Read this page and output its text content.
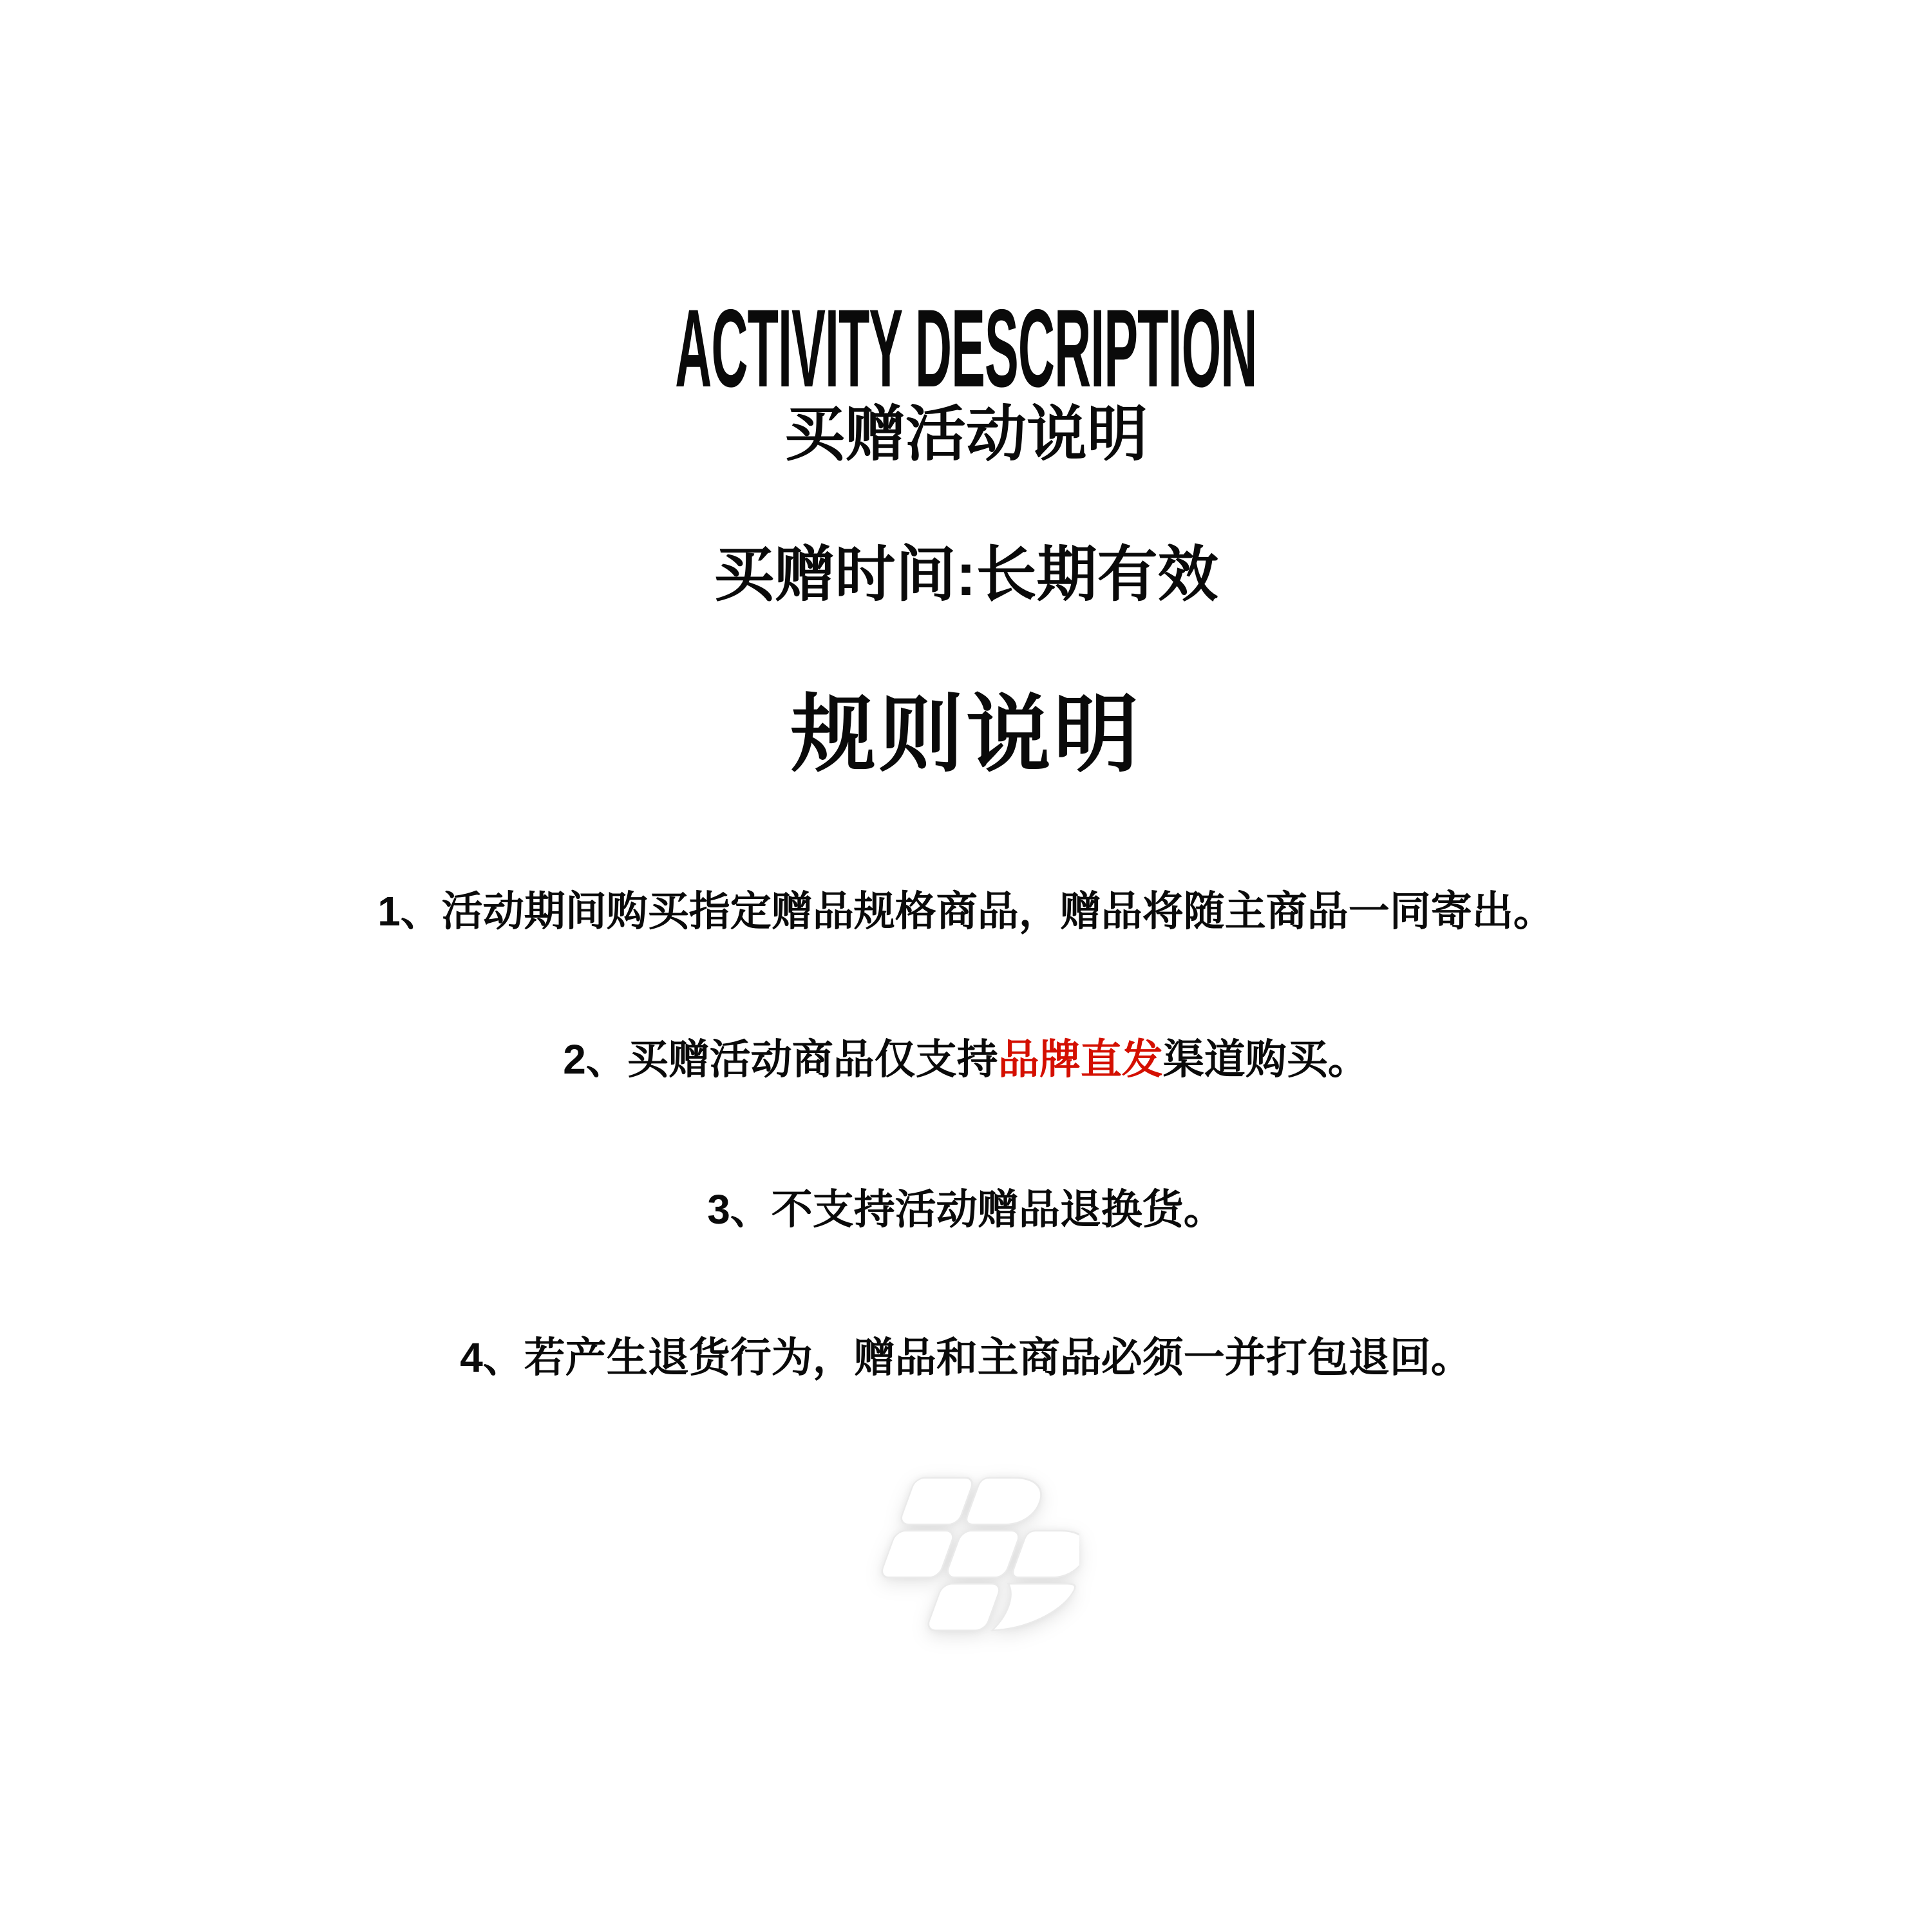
ACTIVITY DESCRIPTION
买赠活动说明
买赠时间:长期有效
规则说明
1、活动期间购买指定赠品规格商品，赠品将随主商品一同寄出。
2、买赠活动商品仅支持品牌直发渠道购买。
3、不支持活动赠品退换货。
4、若产生退货行为，赠品和主商品必须一并打包退回。
